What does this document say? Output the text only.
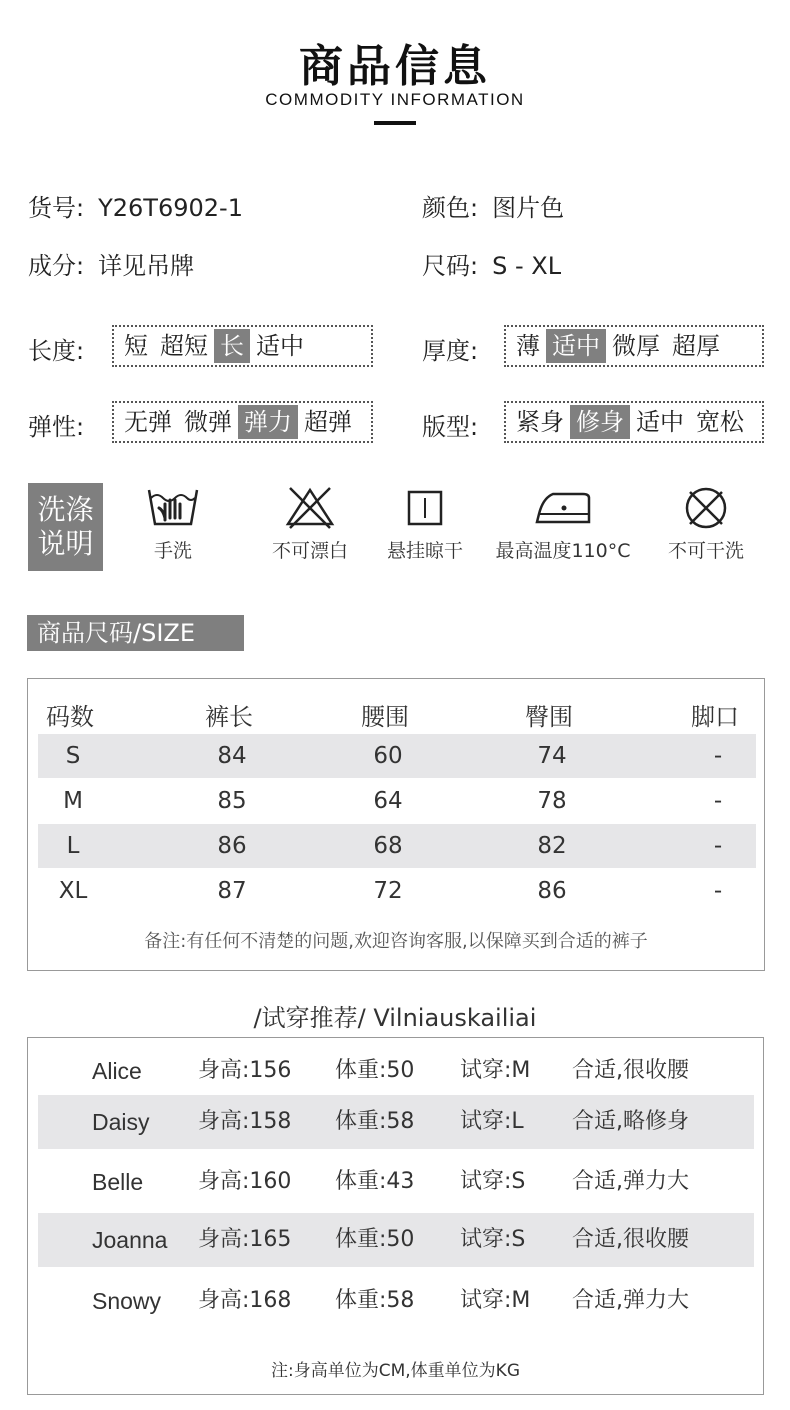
商品信息
COMMODITY INFORMATION
货号: Y26T6902-1	颜色: 图片色
成分: 详见吊牌	尺码: S - XL
长度: 短 超短 长 适中	厚度: 薄 适中 微厚 超厚
弹性: 无弹 微弹 弹力 超弹	版型: 紧身 修身 适中 宽松
洗涤
说明	手洗	不可漂白	悬挂晾干	最高温度110°C	不可干洗
商品尺码/SIZE
码数	裤长	腰围	臀围	脚口
S	84	60	74	-
M	85	64	78	-
L	86	68	82	-
XL	87	72	86	-
备注:有任何不清楚的问题,欢迎咨询客服,以保障买到合适的裤子
/试穿推荐/ Vilniauskailiai
Alice	身高:156 体重:50 试穿:M 合适,很收腰
Daisy 身高:158 体重:58 试穿:L 合适,略修身
Belle 身高:160 体重:43 试穿:S 合适,弹力大
Joanna 身高:165 体重:50 试穿:S 合适,很收腰
Snowy 身高:168 体重:58 试穿:M 合适,弹力大
注:身高单位为CM,体重单位为KG
